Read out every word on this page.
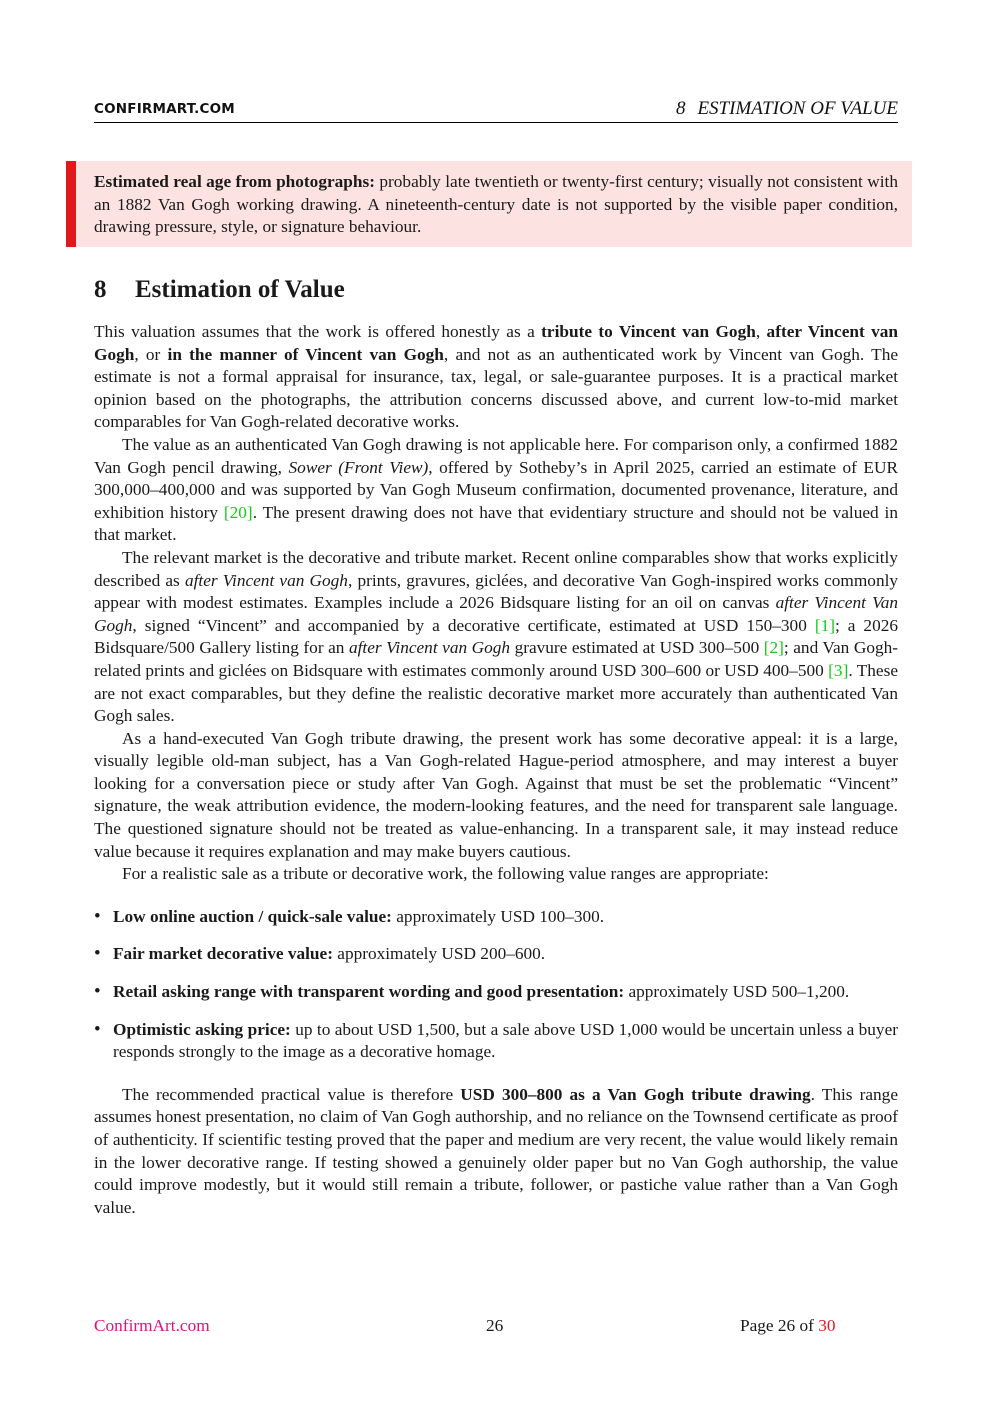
CONFIRMART.COM	8 ESTIMATION OF VALUE
Estimated real age from photographs: probably late twentieth or twenty-first century; visually not consistent with an 1882 Van Gogh working drawing. A nineteenth-century date is not supported by the visible paper condition, drawing pressure, style, or signature behaviour.
8 Estimation of Value

This valuation assumes that the work is offered honestly as a tribute to Vincent van Gogh, after Vincent van Gogh, or in the manner of Vincent van Gogh, and not as an authenticated work by Vincent van Gogh. The estimate is not a formal appraisal for insurance, tax, legal, or sale-guarantee purposes. It is a practical market opinion based on the photographs, the attribution concerns discussed above, and current low-to-mid market comparables for Van Gogh-related decorative works.

The value as an authenticated Van Gogh drawing is not applicable here. For comparison only, a confirmed 1882 Van Gogh pencil drawing, Sower (Front View), offered by Sotheby’s in April 2025, carried an estimate of EUR 300,000–400,000 and was supported by Van Gogh Museum confirmation, documented provenance, literature, and exhibition history [20]. The present drawing does not have that evidentiary structure and should not be valued in that market.

The relevant market is the decorative and tribute market. Recent online comparables show that works explicitly described as after Vincent van Gogh, prints, gravures, giclées, and decorative Van Gogh-inspired works commonly appear with modest estimates. Examples include a 2026 Bidsquare listing for an oil on canvas after Vincent Van Gogh, signed “Vincent” and accompanied by a decorative certificate, estimated at USD 150–300 [1]; a 2026 Bidsquare/500 Gallery listing for an after Vincent van Gogh gravure estimated at USD 300–500 [2]; and Van Gogh-related prints and giclées on Bidsquare with estimates commonly around USD 300–600 or USD 400–500 [3]. These are not exact comparables, but they define the realistic decorative market more accurately than authenticated Van Gogh sales.

As a hand-executed Van Gogh tribute drawing, the present work has some decorative appeal: it is a large, visually legible old-man subject, has a Van Gogh-related Hague-period atmosphere, and may interest a buyer looking for a conversation piece or study after Van Gogh. Against that must be set the problematic “Vincent” signature, the weak attribution evidence, the modern-looking features, and the need for transparent sale language. The questioned signature should not be treated as value-enhancing. In a transparent sale, it may instead reduce value because it requires explanation and may make buyers cautious.

For a realistic sale as a tribute or decorative work, the following value ranges are appropriate:

• Low online auction / quick-sale value: approximately USD 100–300.
• Fair market decorative value: approximately USD 200–600.
• Retail asking range with transparent wording and good presentation: approximately USD 500–1,200.
• Optimistic asking price: up to about USD 1,500, but a sale above USD 1,000 would be uncertain unless a buyer responds strongly to the image as a decorative homage.

The recommended practical value is therefore USD 300–800 as a Van Gogh tribute drawing. This range assumes honest presentation, no claim of Van Gogh authorship, and no reliance on the Townsend certificate as proof of authenticity. If scientific testing proved that the paper and medium are very recent, the value would likely remain in the lower decorative range. If testing showed a genuinely older paper but no Van Gogh authorship, the value could improve modestly, but it would still remain a tribute, follower, or pastiche value rather than a Van Gogh value.

ConfirmArt.com	26	Page 26 of 30
